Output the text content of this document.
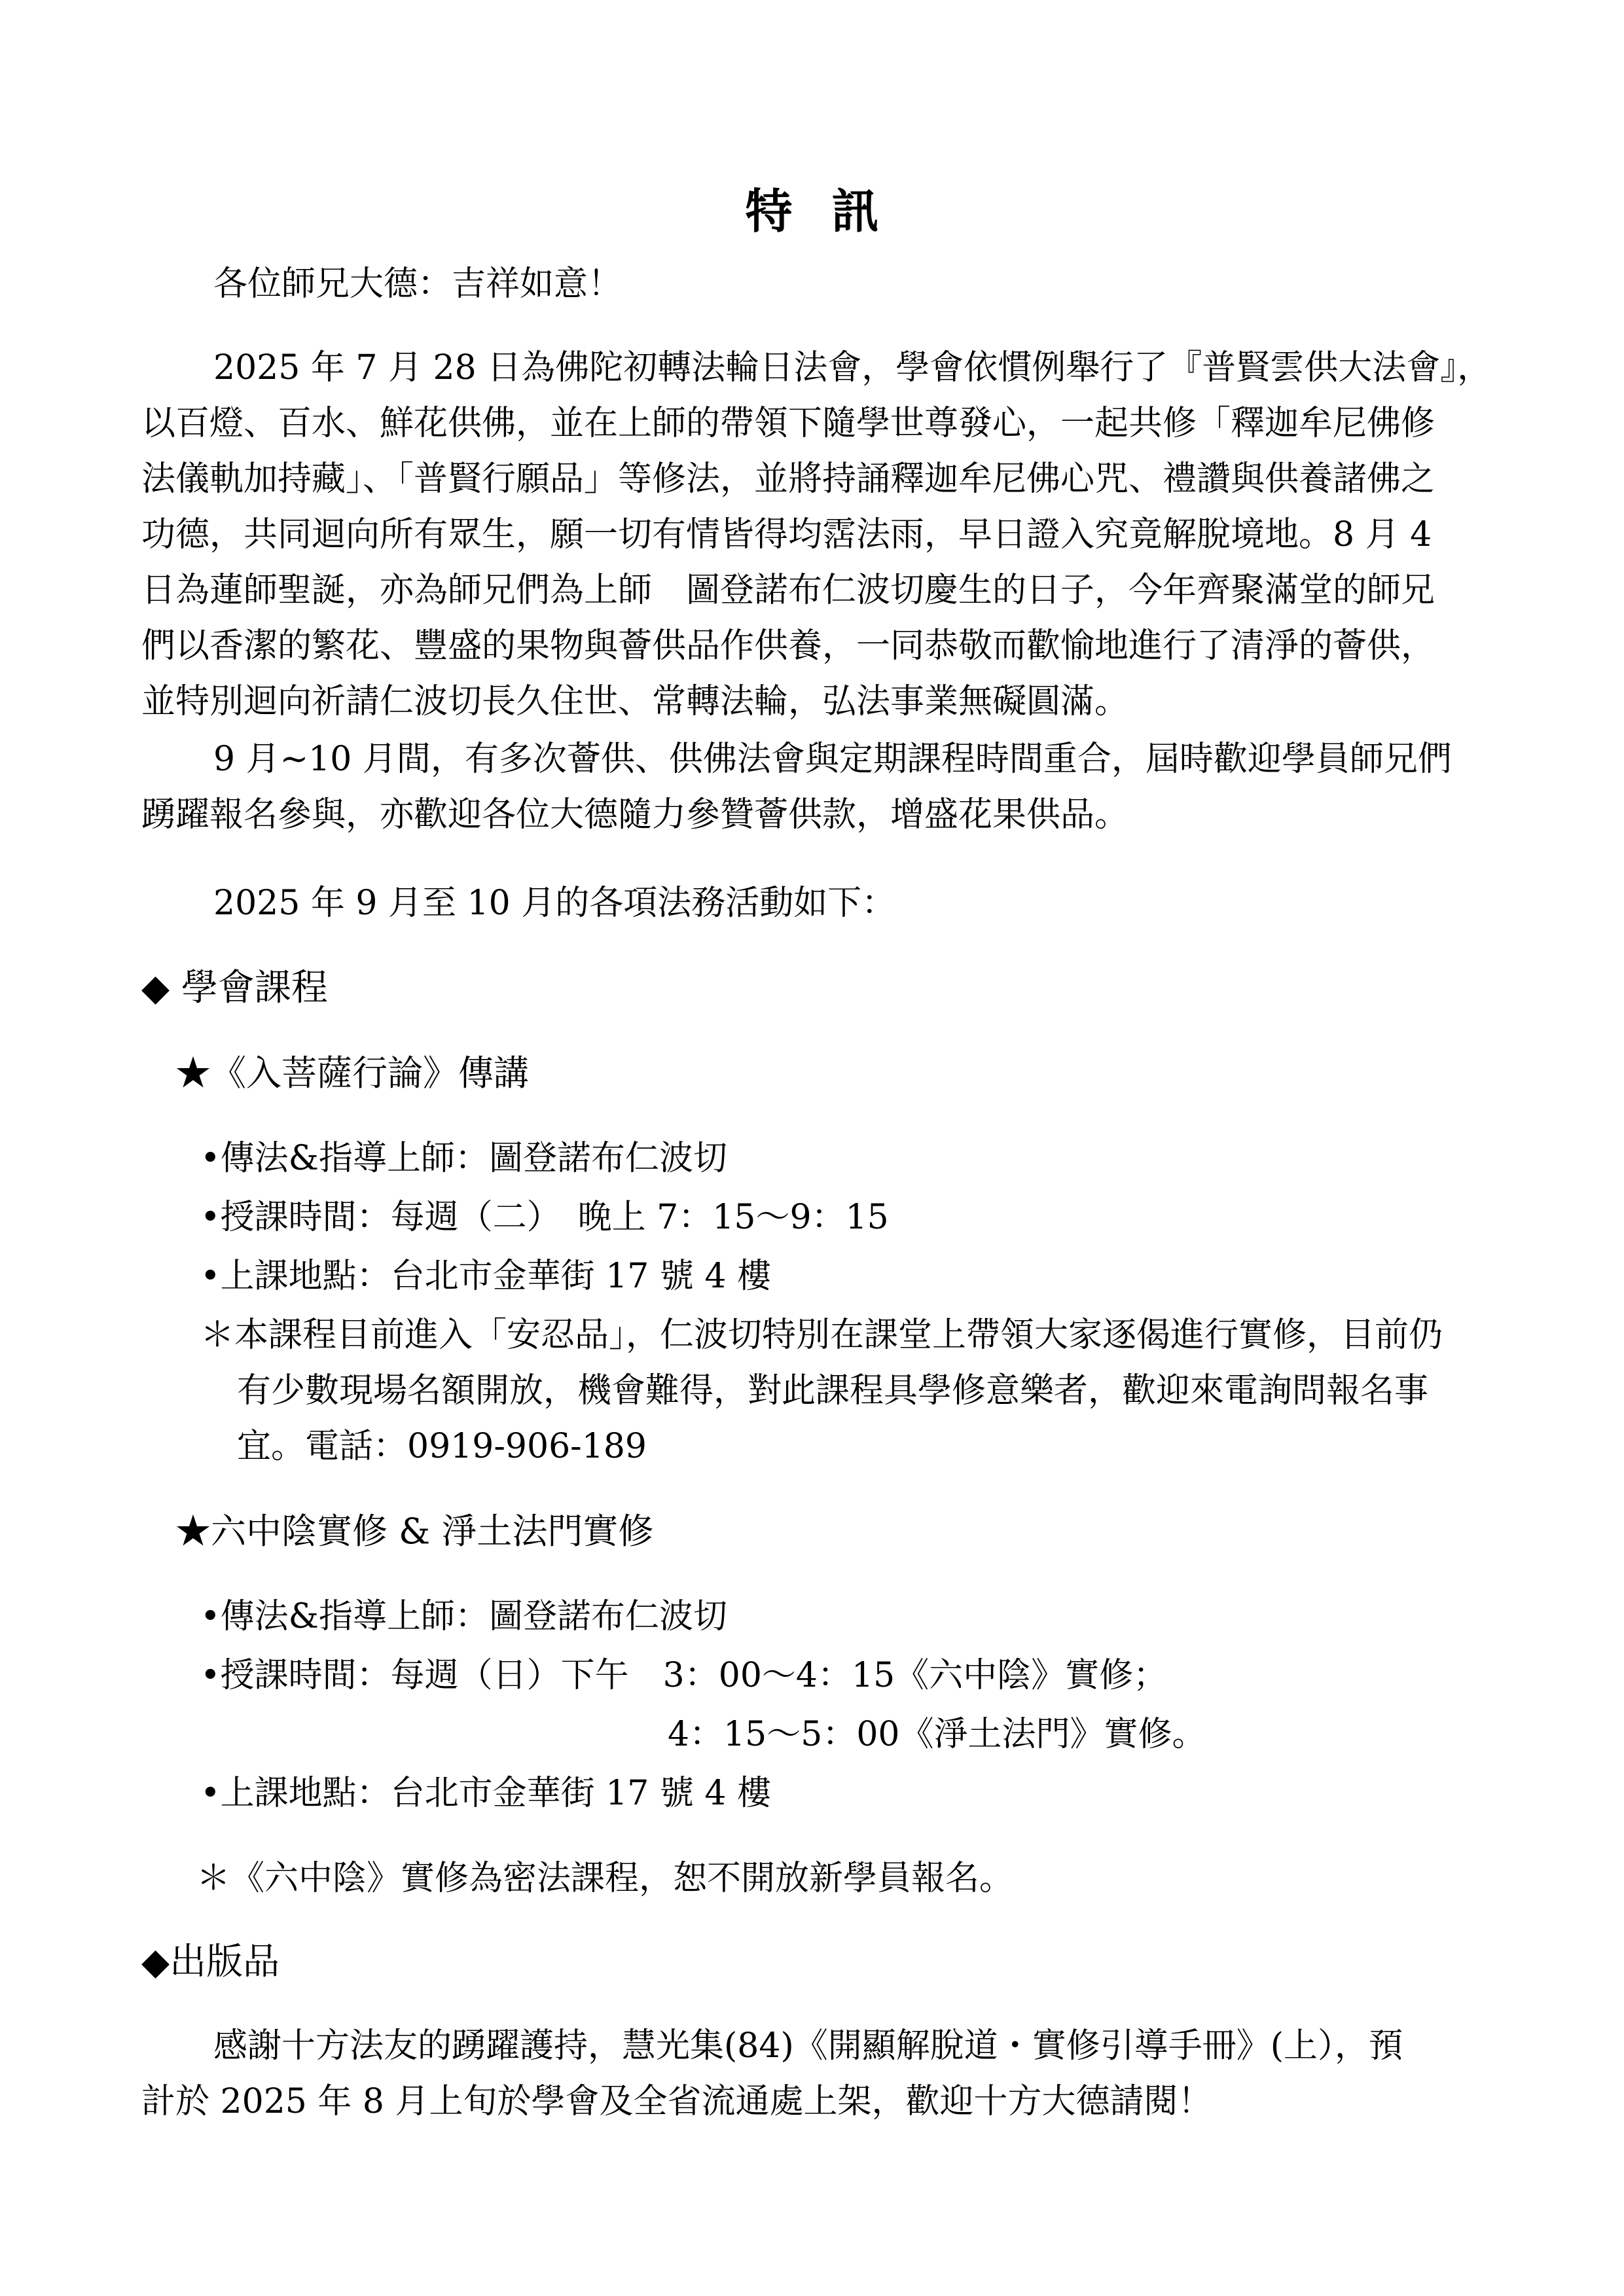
特訊
各位師兄大德：吉祥如意！
2025 年 7 月 28 日為佛陀初轉法輪日法會，學會依慣例舉行了『普賢雲供大法會』，
以百燈、百水、鮮花供佛，並在上師的帶領下隨學世尊發心，一起共修「釋迦牟尼佛修
法儀軌加持藏」、「普賢行願品」等修法，並將持誦釋迦牟尼佛心咒、禮讚與供養諸佛之
功德，共同迴向所有眾生，願一切有情皆得均霑法雨，早日證入究竟解脫境地。8 月 4
日為蓮師聖誕，亦為師兄們為上師　圖登諾布仁波切慶生的日子，今年齊聚滿堂的師兄
們以香潔的繁花、豐盛的果物與薈供品作供養，一同恭敬而歡愉地進行了清淨的薈供，
並特別迴向祈請仁波切長久住世、常轉法輪，弘法事業無礙圓滿。
9 月~10 月間，有多次薈供、供佛法會與定期課程時間重合，屆時歡迎學員師兄們
踴躍報名參與，亦歡迎各位大德隨力參贊薈供款，增盛花果供品。
2025 年 9 月至 10 月的各項法務活動如下：
◆ 學會課程
★《入菩薩行論》傳講
•傳法&指導上師：圖登諾布仁波切
•授課時間：每週（二）　晚上 7：15～9：15
•上課地點：台北市金華街 17 號 4 樓
＊本課程目前進入「安忍品」，仁波切特別在課堂上帶領大家逐偈進行實修，目前仍
有少數現場名額開放，機會難得，對此課程具學修意樂者，歡迎來電詢問報名事
宜。電話：0919-906-189
★六中陰實修 & 淨土法門實修
•傳法&指導上師：圖登諾布仁波切
•授課時間：每週（日）下午　3：00～4：15《六中陰》實修；
4：15～5：00《淨土法門》實修。
•上課地點：台北市金華街 17 號 4 樓
＊《六中陰》實修為密法課程，恕不開放新學員報名。
◆出版品
感謝十方法友的踴躍護持，慧光集(84)《開顯解脫道・實修引導手冊》(上），預
計於 2025 年 8 月上旬於學會及全省流通處上架，歡迎十方大德請閱！
